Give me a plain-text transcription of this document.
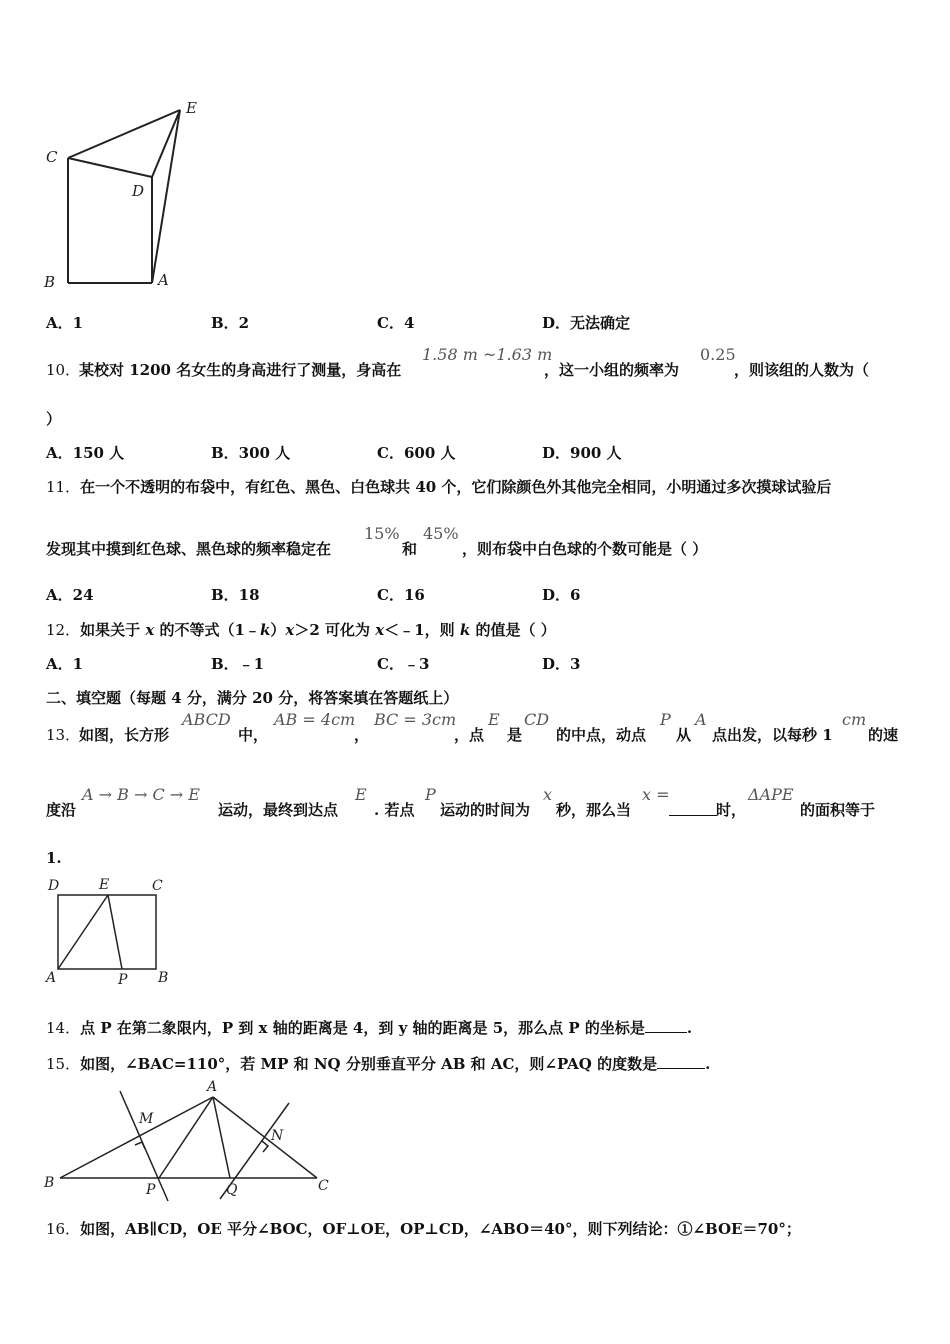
E
C
D
B	A
A．1	B．2	C．4	D．无法确定
10．
某校对 1200 名女生的身高进行了测量，身高在
1.58 m ~1.63 m
，这一小组的频率为
0.25
，则该组的人数为（
）
A．150 人	B．300 人	C．600 人	D．900 人
11．在一个不透明的布袋中，有红色、黑色、白色球共 40 个，它们除颜色外其他完全相同，小明通过多次摸球试验后
发现其中摸到红色球、黑色球的频率稳定在
15%
和
45%
，则布袋中白色球的个数可能是（ ）
A．24	B．18	C．16	D．6
12．如果关于 x 的不等式（1﹣k）x＞2 可化为 x＜﹣1，则 k 的值是（ ）
A．1	B．﹣1	C．﹣3	D．3
二、填空题（每题 4 分，满分 20 分，将答案填在答题纸上）
13．
如图，长方形
ABCD
中，
AB = 4cm
，
BC = 3cm
，点
E
是
CD
的中点，动点
P
从
A
点出发，以每秒 1
cm
的速
度沿
A → B → C → E
运动，最终到达点
E
. 若点
P
运动的时间为
x
秒，那么当
x =
时，
ΔAPE
的面积等于
1.
D	E	C
A	P B
14．点 P 在第二象限内，P 到 x 轴的距离是 4，到 y 轴的距离是 5，那么点 P 的坐标是	.
15．如图，∠BAC=110°，若 MP 和 NQ 分别垂直平分 AB 和 AC，则∠PAQ 的度数是	.
A
M
N
B	P	Q	C
16．如图，AB∥CD，OE 平分∠BOC，OF⊥OE，OP⊥CD，∠ABO＝40°，则下列结论：①∠BOE＝70°；
